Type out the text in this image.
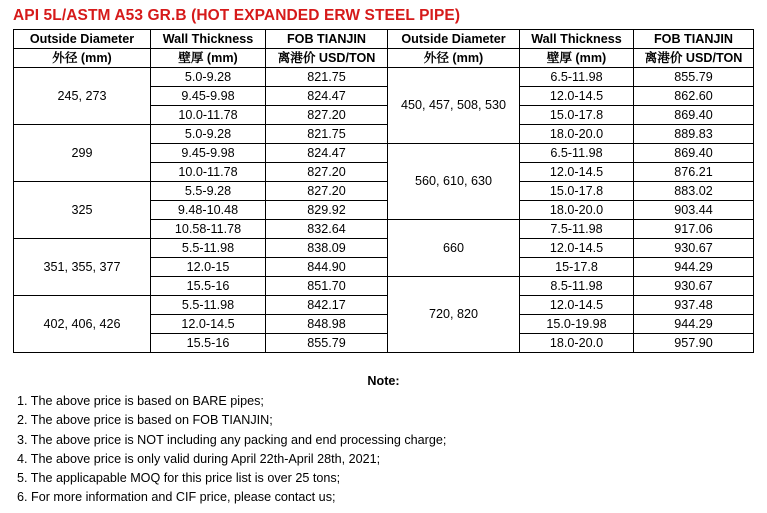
API 5L/ASTM A53 GR.B (HOT EXPANDED ERW STEEL PIPE)
Outside Diameter	Wall Thickness	FOB TIANJIN	Outside Diameter	Wall Thickness	FOB TIANJIN
外径 (mm)	壁厚 (mm)	离港价 USD/TON	外径 (mm)	壁厚 (mm)	离港价 USD/TON
245, 273	5.0-9.28	821.75	450, 457, 508, 530	6.5-11.98	855.79
	9.45-9.98	824.47		12.0-14.5	862.60
	10.0-11.78	827.20		15.0-17.8	869.40
299	5.0-9.28	821.75		18.0-20.0	889.83
	9.45-9.98	824.47	560, 610, 630	6.5-11.98	869.40
	10.0-11.78	827.20		12.0-14.5	876.21
325	5.5-9.28	827.20		15.0-17.8	883.02
	9.48-10.48	829.92		18.0-20.0	903.44
	10.58-11.78	832.64	660	7.5-11.98	917.06
351, 355, 377	5.5-11.98	838.09		12.0-14.5	930.67
	12.0-15	844.90		15-17.8	944.29
	15.5-16	851.70	720, 820	8.5-11.98	930.67
402, 406, 426	5.5-11.98	842.17		12.0-14.5	937.48
	12.0-14.5	848.98		15.0-19.98	944.29
	15.5-16	855.79		18.0-20.0	957.90
Note:
1. The above price is based on BARE pipes;
2. The above price is based on FOB TIANJIN;
3. The above price is NOT including any packing and end processing charge;
4. The above price is only valid during April 22th-April 28th, 2021;
5. The applicapable MOQ for this price list is over 25 tons;
6. For more information and CIF price, please contact us;
